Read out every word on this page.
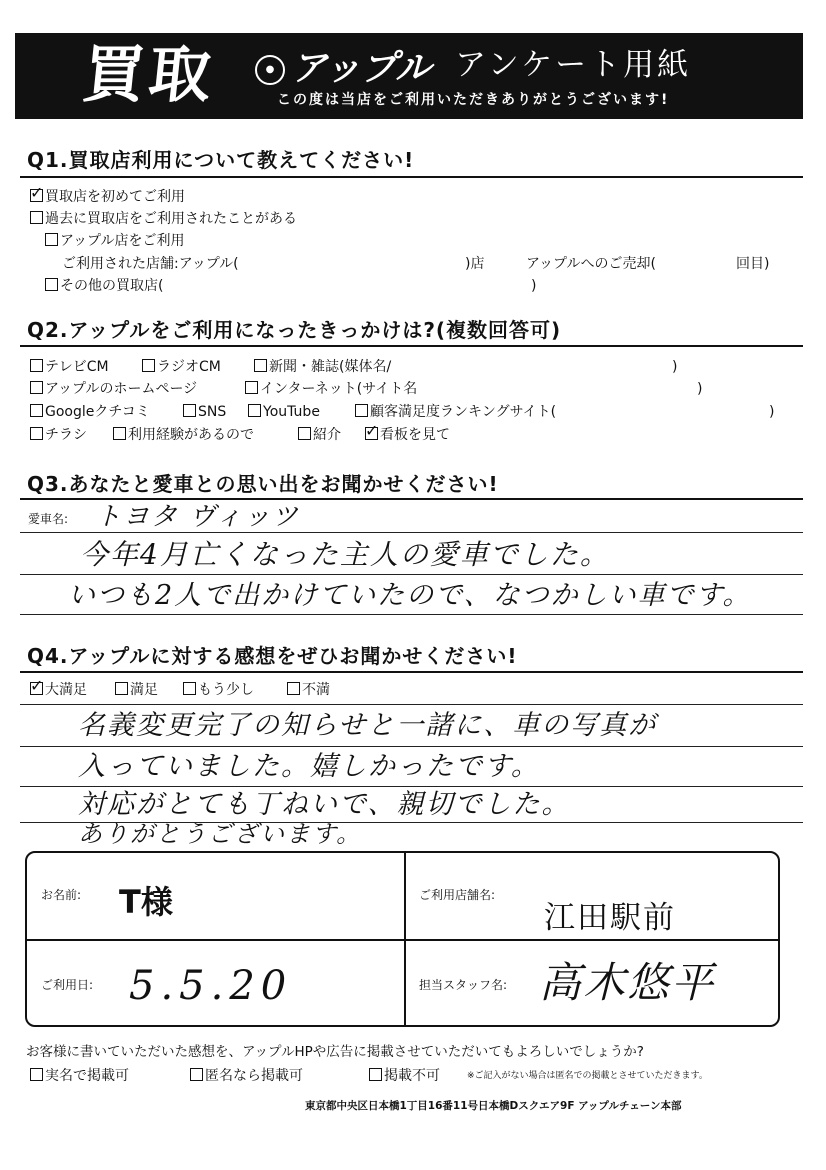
買取	● アップル アンケート用紙
この度は当店をご利用いただきありがとうございます!
Q1.買取店利用について教えてください!
✓買取店を初めてご利用
過去に買取店をご利用されたことがある
アップル店をご利用
ご利用された店舗:アップル(	)店	アップルへのご売却(	回目)
その他の買取店(	)
Q2.アップルをご利用になったきっかけは?(複数回答可)
テレビCM	ラジオCM	新聞・雑誌(媒体名/	)
アップルのホームページ	インターネット(サイト名	)
Googleクチコミ	SNS	YouTube	顧客満足度ランキングサイト(	)
チラシ	利用経験があるので	紹介
✓	看板を見て
Q3.あなたと愛車との思い出をお聞かせください!
愛車名: トヨタ ヴィッツ
今年4月亡くなった主人の愛車でした。
いつも2人で出かけていたので、なつかしい車です。
Q4.アップルに対する感想をぜひお聞かせください!
✓大満足	満足	もう少し	不満
名義変更完了の知らせと一諸に、車の写真が
入っていました。嬉しかったです。
対応がとても丁ねいで、親切でした。
ありがとうございます。
お名前: T様	ご利用店舗名:
江田駅前
ご利用日: 5.5.20	担当スタッフ名: 高木悠平
お客様に書いていただいた感想を、アップルHPや広告に掲載させていただいてもよろしいでしょうか?
実名で掲載可	匿名なら掲載可	掲載不可	※ご記入がない場合は匿名での掲載とさせていただきます。
東京都中央区日本橋1丁目16番11号日本橋Dスクエア9F アップルチェーン本部
